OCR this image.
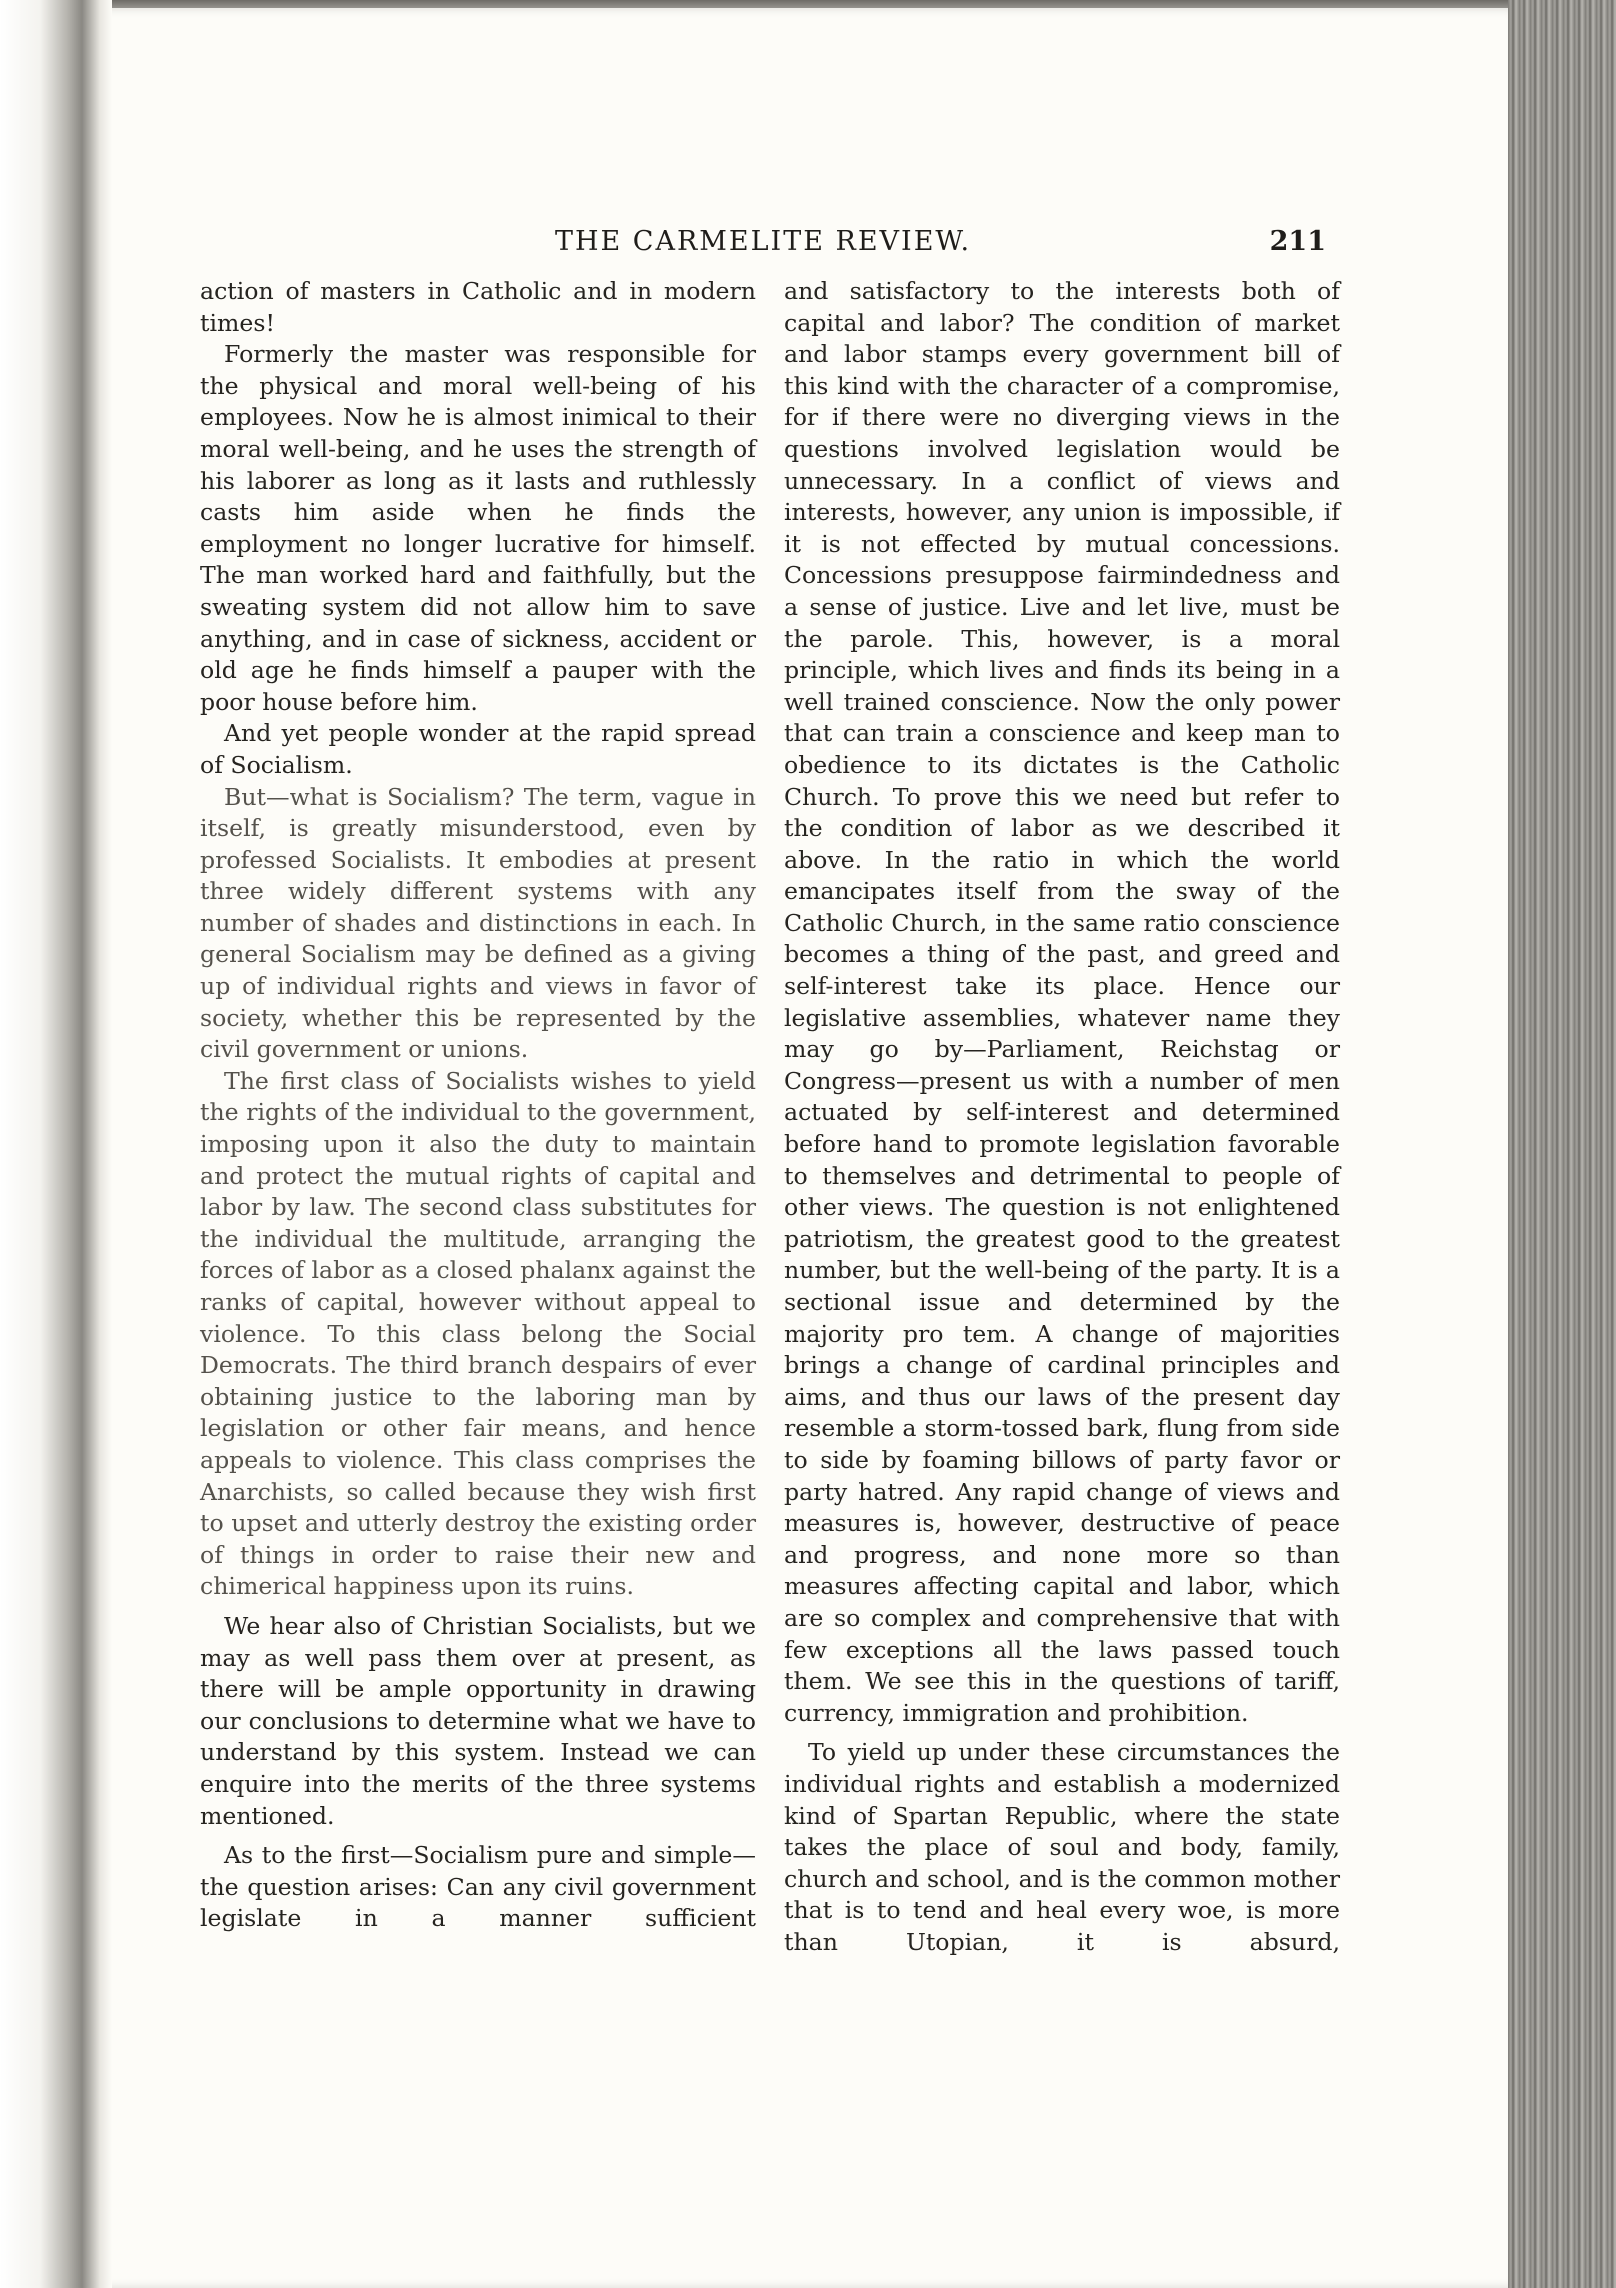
THE CARMELITE REVIEW.	211

action of masters in Catholic and in modern times!

Formerly the master was responsible for the physical and moral well-being of his employees. Now he is almost inimical to their moral well-being, and he uses the strength of his laborer as long as it lasts and ruthlessly casts him aside when he finds the employment no longer lucrative for himself. The man worked hard and faithfully, but the sweating system did not allow him to save anything, and in case of sickness, accident or old age he finds himself a pauper with the poor house before him.

And yet people wonder at the rapid spread of Socialism.

But—what is Socialism? The term, vague in itself, is greatly misunderstood, even by professed Socialists. It embodies at present three widely different systems with any number of shades and distinctions in each. In general Socialism may be defined as a giving up of individual rights and views in favor of society, whether this be represented by the civil government or unions.

The first class of Socialists wishes to yield the rights of the individual to the government, imposing upon it also the duty to maintain and protect the mutual rights of capital and labor by law. The second class substitutes for the individual the multitude, arranging the forces of labor as a closed phalanx against the ranks of capital, however without appeal to violence. To this class belong the Social Democrats. The third branch despairs of ever obtaining justice to the laboring man by legislation or other fair means, and hence appeals to violence. This class comprises the Anarchists, so called because they wish first to upset and utterly destroy the existing order of things in order to raise their new and chimerical happiness upon its ruins.

We hear also of Christian Socialists, but we may as well pass them over at present, as there will be ample opportunity in drawing our conclusions to determine what we have to understand by this system. Instead we can enquire into the merits of the three systems mentioned.

As to the first—Socialism pure and simple—the question arises: Can any civil government legislate in a manner sufficient

and satisfactory to the interests both of capital and labor? The condition of market and labor stamps every government bill of this kind with the character of a compromise, for if there were no diverging views in the questions involved legislation would be unnecessary. In a conflict of views and interests, however, any union is impossible, if it is not effected by mutual concessions. Concessions presuppose fairmindedness and a sense of justice. Live and let live, must be the parole. This, however, is a moral principle, which lives and finds its being in a well trained conscience. Now the only power that can train a conscience and keep man to obedience to its dictates is the Catholic Church. To prove this we need but refer to the condition of labor as we described it above. In the ratio in which the world emancipates itself from the sway of the Catholic Church, in the same ratio conscience becomes a thing of the past, and greed and self-interest take its place. Hence our legislative assemblies, whatever name they may go by—Parliament, Reichstag or Congress—present us with a number of men actuated by self-interest and determined before hand to promote legislation favorable to themselves and detrimental to people of other views. The question is not enlightened patriotism, the greatest good to the greatest number, but the well-being of the party. It is a sectional issue and determined by the majority pro tem. A change of majorities brings a change of cardinal principles and aims, and thus our laws of the present day resemble a storm-tossed bark, flung from side to side by foaming billows of party favor or party hatred. Any rapid change of views and measures is, however, destructive of peace and progress, and none more so than measures affecting capital and labor, which are so complex and comprehensive that with few exceptions all the laws passed touch them. We see this in the questions of tariff, currency, immigration and prohibition.

To yield up under these circumstances the individual rights and establish a modernized kind of Spartan Republic, where the state takes the place of soul and body, family, church and school, and is the common mother that is to tend and heal every woe, is more than Utopian, it is absurd,
